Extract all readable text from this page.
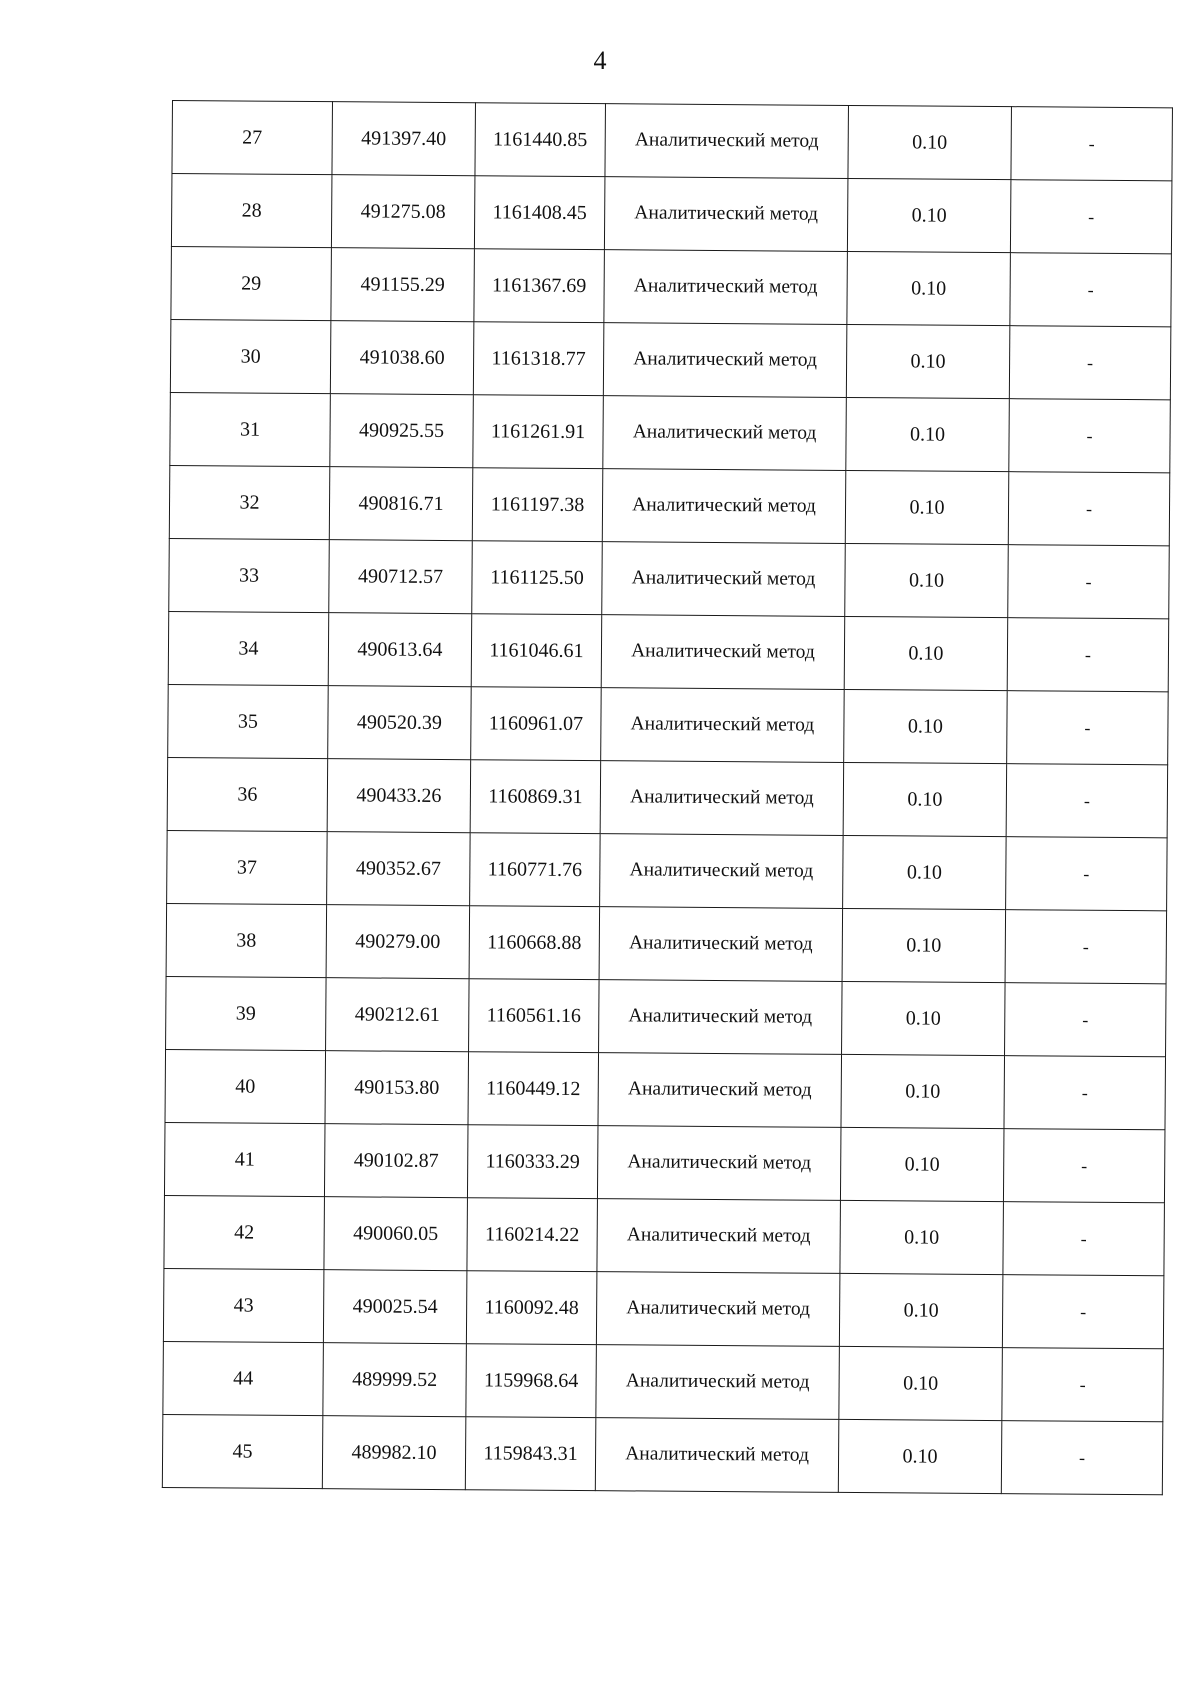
4
27	491397.40	1161440.85	Аналитический метод	0.10	-
28	491275.08	1161408.45	Аналитический метод	0.10	-
29	491155.29	1161367.69	Аналитический метод	0.10	-
30	491038.60	1161318.77	Аналитический метод	0.10	-
31	490925.55	1161261.91	Аналитический метод	0.10	-
32	490816.71	1161197.38	Аналитический метод	0.10	-
33	490712.57	1161125.50	Аналитический метод	0.10	-
34	490613.64	1161046.61	Аналитический метод	0.10	-
35	490520.39	1160961.07	Аналитический метод	0.10	-
36	490433.26	1160869.31	Аналитический метод	0.10	-
37	490352.67	1160771.76	Аналитический метод	0.10	-
38	490279.00	1160668.88	Аналитический метод	0.10	-
39	490212.61	1160561.16	Аналитический метод	0.10	-
40	490153.80	1160449.12	Аналитический метод	0.10	-
41	490102.87	1160333.29	Аналитический метод	0.10	-
42	490060.05	1160214.22	Аналитический метод	0.10	-
43	490025.54	1160092.48	Аналитический метод	0.10	-
44	489999.52	1159968.64	Аналитический метод	0.10	-
45	489982.10	1159843.31	Аналитический метод	0.10	-
